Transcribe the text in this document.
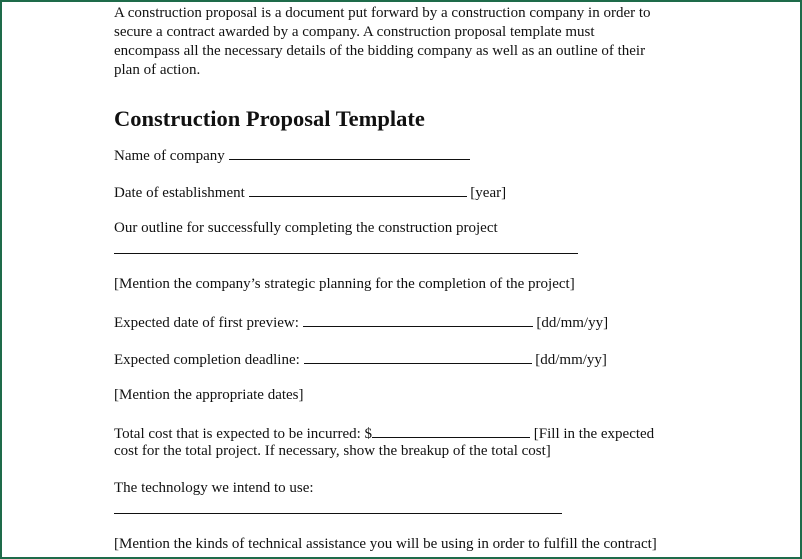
A construction proposal is a document put forward by a construction company in order to
secure a contract awarded by a company. A construction proposal template must
encompass all the necessary details of the bidding company as well as an outline of their
plan of action.
Construction Proposal Template
Name of company
Date of establishment	[year]
Our outline for successfully completing the construction project
[Mention the company’s strategic planning for the completion of the project]
Expected date of first preview:	[dd/mm/yy]
Expected completion deadline:	[dd/mm/yy]
[Mention the appropriate dates]
Total cost that is expected to be incurred: $	[Fill in the expected
cost for the total project. If necessary, show the breakup of the total cost]
The technology we intend to use:
[Mention the kinds of technical assistance you will be using in order to fulfill the contract]
